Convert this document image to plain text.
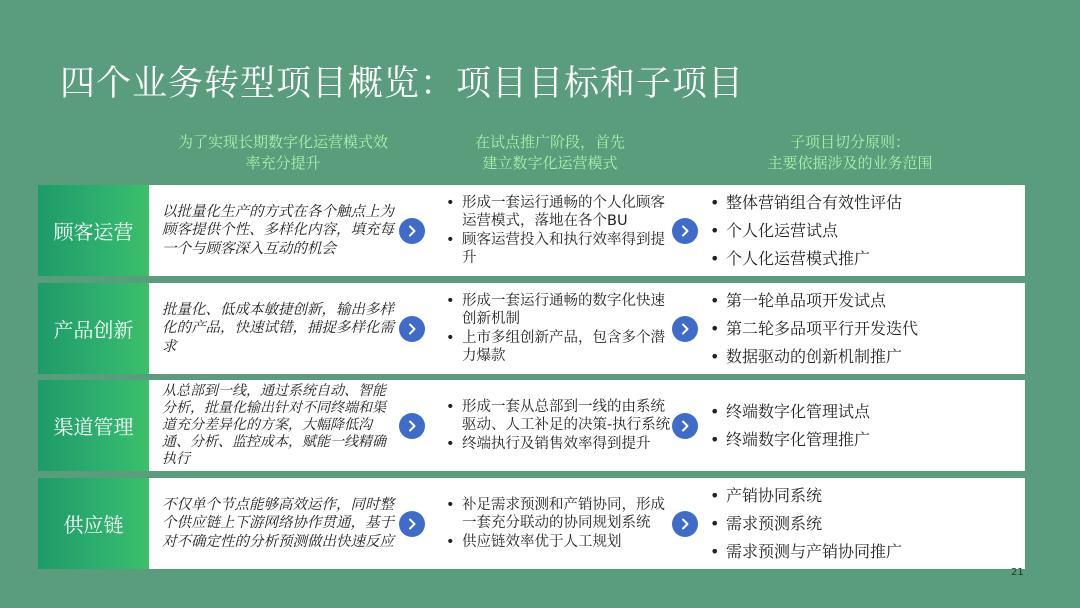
四个业务转型项目概览：项目目标和子项目
为了实现长期数字化运营模式效
率充分提升
在试点推广阶段，首先
建立数字化运营模式
子项目切分原则：
主要依据涉及的业务范围
顾客运营
以批量化生产的方式在各个触点上为顾客提供个性、多样化内容，填充每一个与顾客深入互动的机会
• 形成一套运行通畅的个人化顾客运营模式，落地在各个BU
• 顾客运营投入和执行效率得到提升
• 整体营销组合有效性评估
• 个人化运营试点
• 个人化运营模式推广
产品创新
批量化、低成本敏捷创新，输出多样化的产品，快速试错，捕捉多样化需求
• 形成一套运行通畅的数字化快速创新机制
• 上市多组创新产品，包含多个潜力爆款
• 第一轮单品项开发试点
• 第二轮多品项平行开发迭代
• 数据驱动的创新机制推广
渠道管理
从总部到一线，通过系统自动、智能分析，批量化输出针对不同终端和渠道充分差异化的方案，大幅降低沟通、分析、监控成本，赋能一线精确执行
• 形成一套从总部到一线的由系统驱动、人工补足的决策-执行系统
• 终端执行及销售效率得到提升
• 终端数字化管理试点
• 终端数字化管理推广
供应链
不仅单个节点能够高效运作，同时整个供应链上下游网络协作贯通，基于对不确定性的分析预测做出快速反应
• 补足需求预测和产销协同，形成一套充分联动的协同规划系统
• 供应链效率优于人工规划
• 产销协同系统
• 需求预测系统
• 需求预测与产销协同推广
21
